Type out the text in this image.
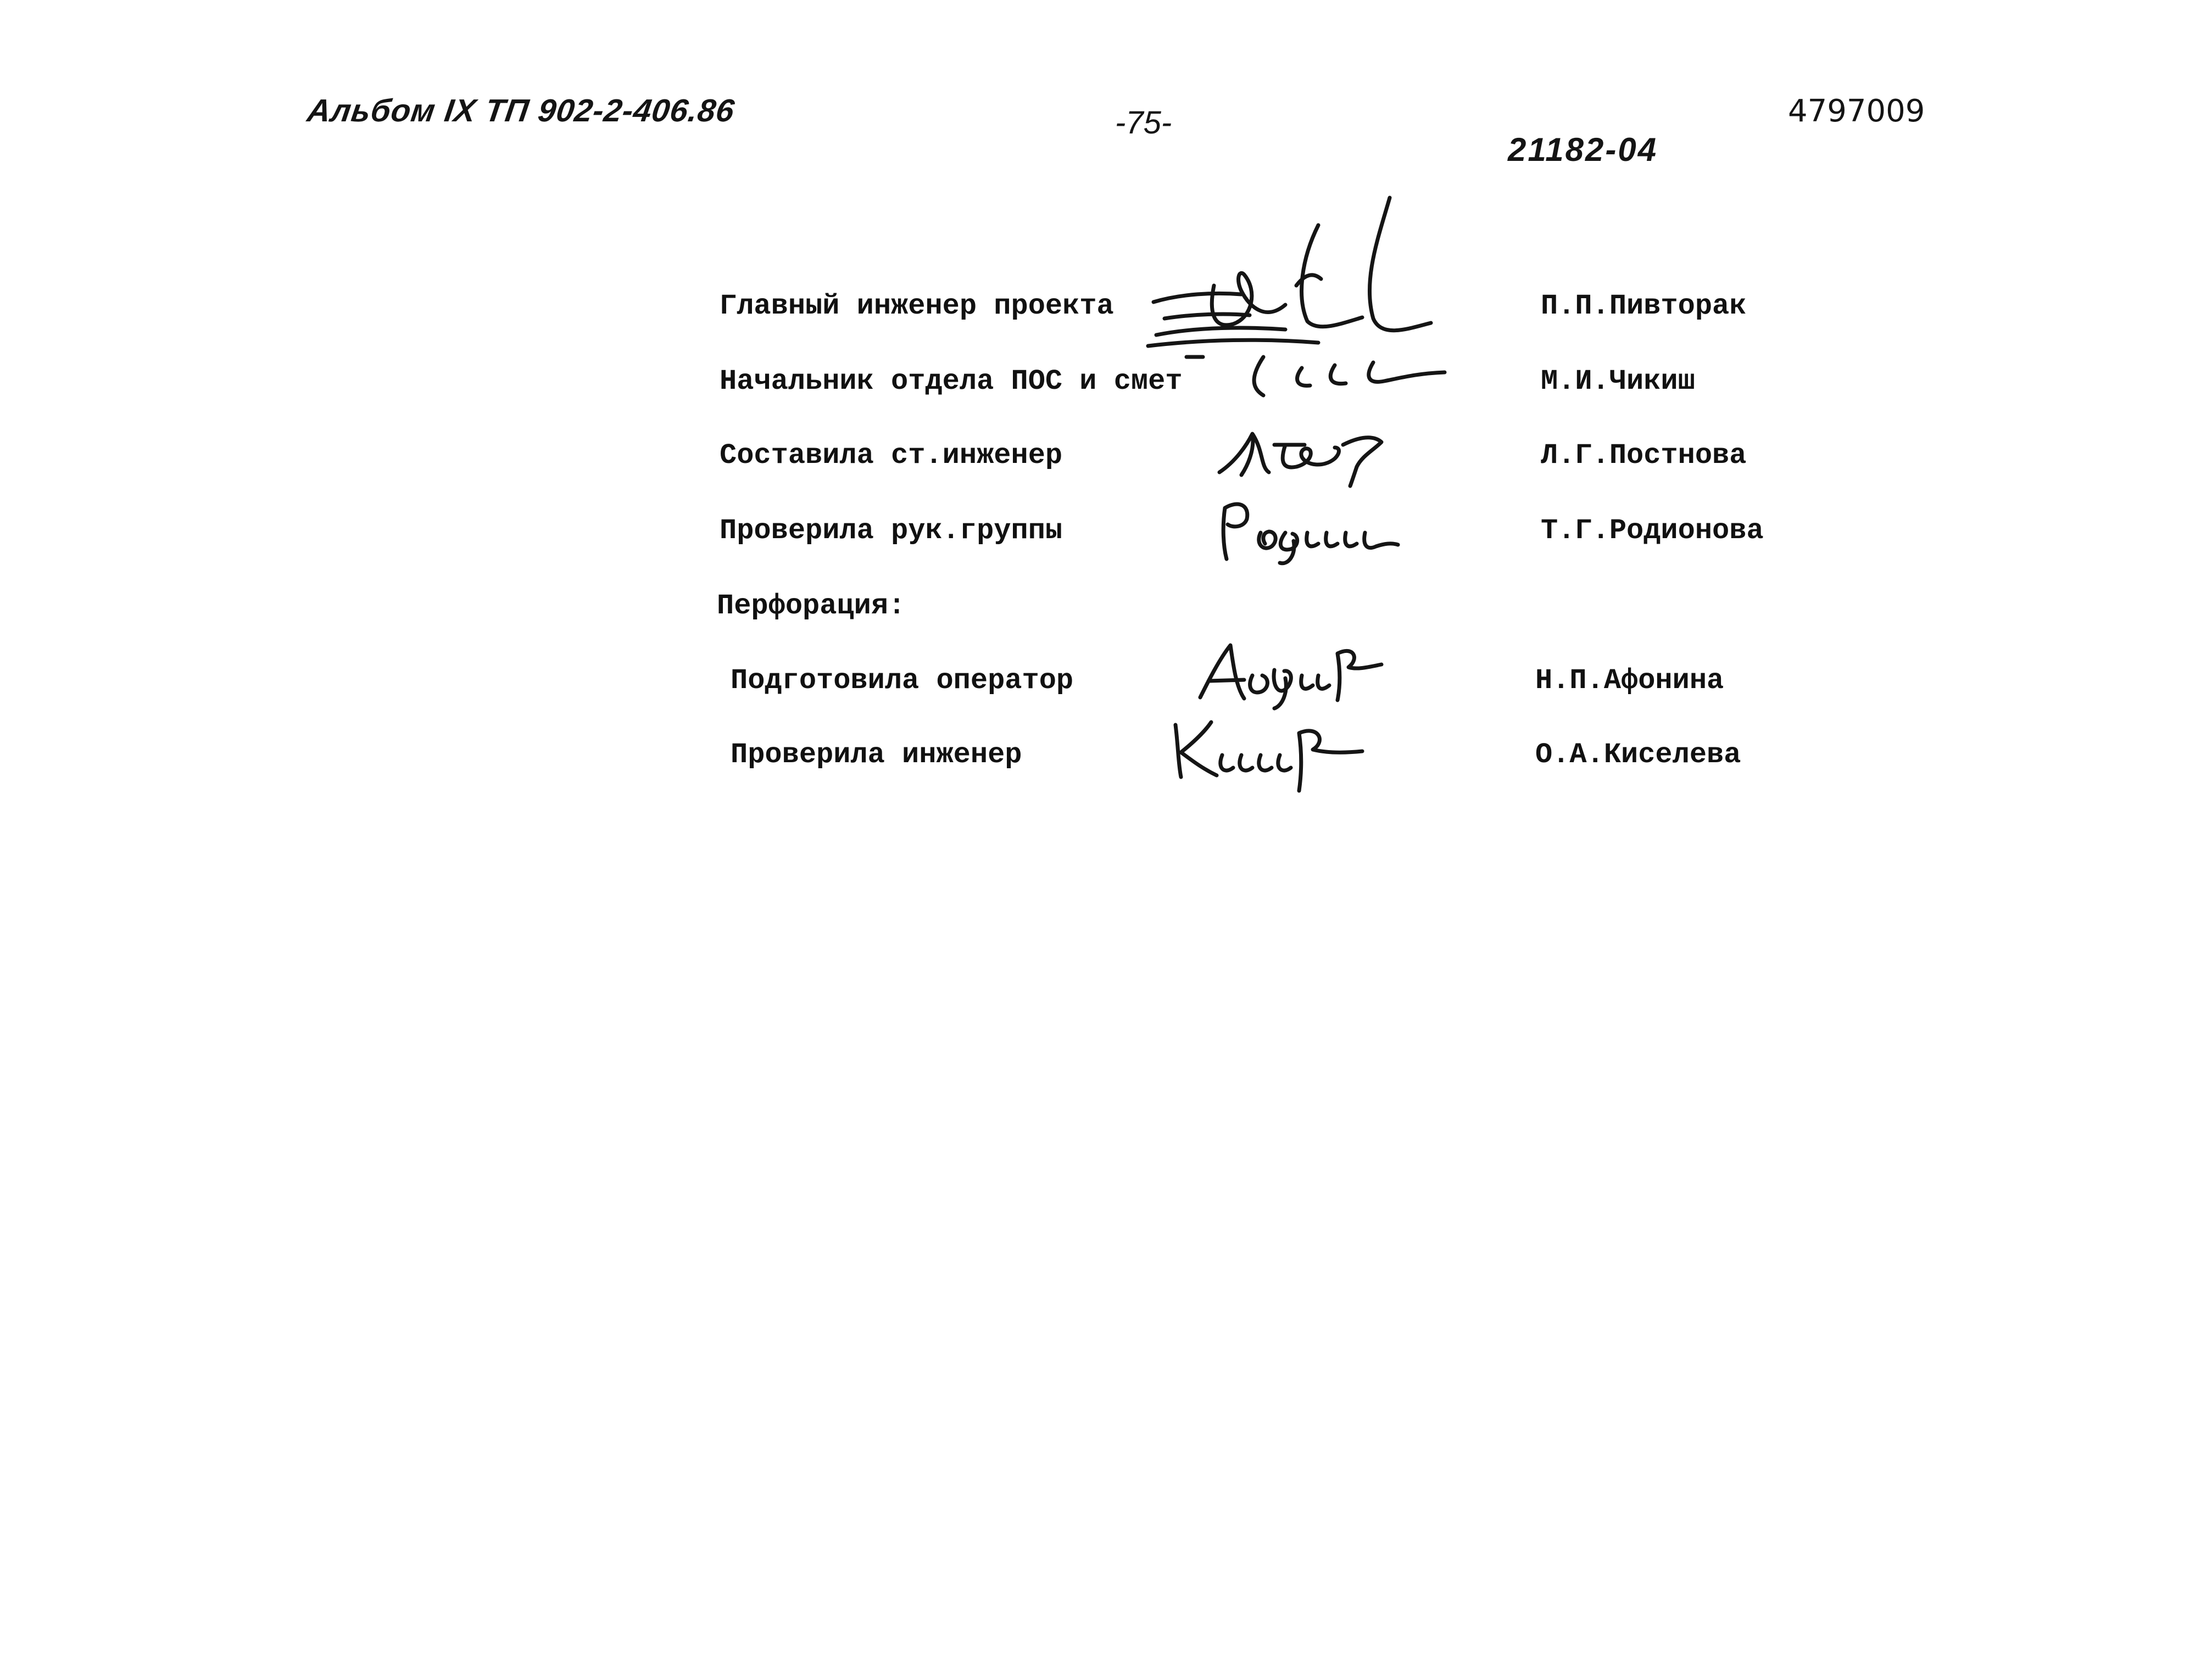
Альбом IX ТП 902-2-406.86	-75-
21182-04
4797009
Главный инженер проекта	П.П.Пивторак
Начальник отдела ПОС и смет	М.И.Чикиш
Составила ст.инженер	Л.Г.Постнова
Проверила рук.группы	Т.Г.Родионова
Перфорация:
Подготовила оператор	Н.П.Афонина
Проверила инженер	О.А.Киселева
